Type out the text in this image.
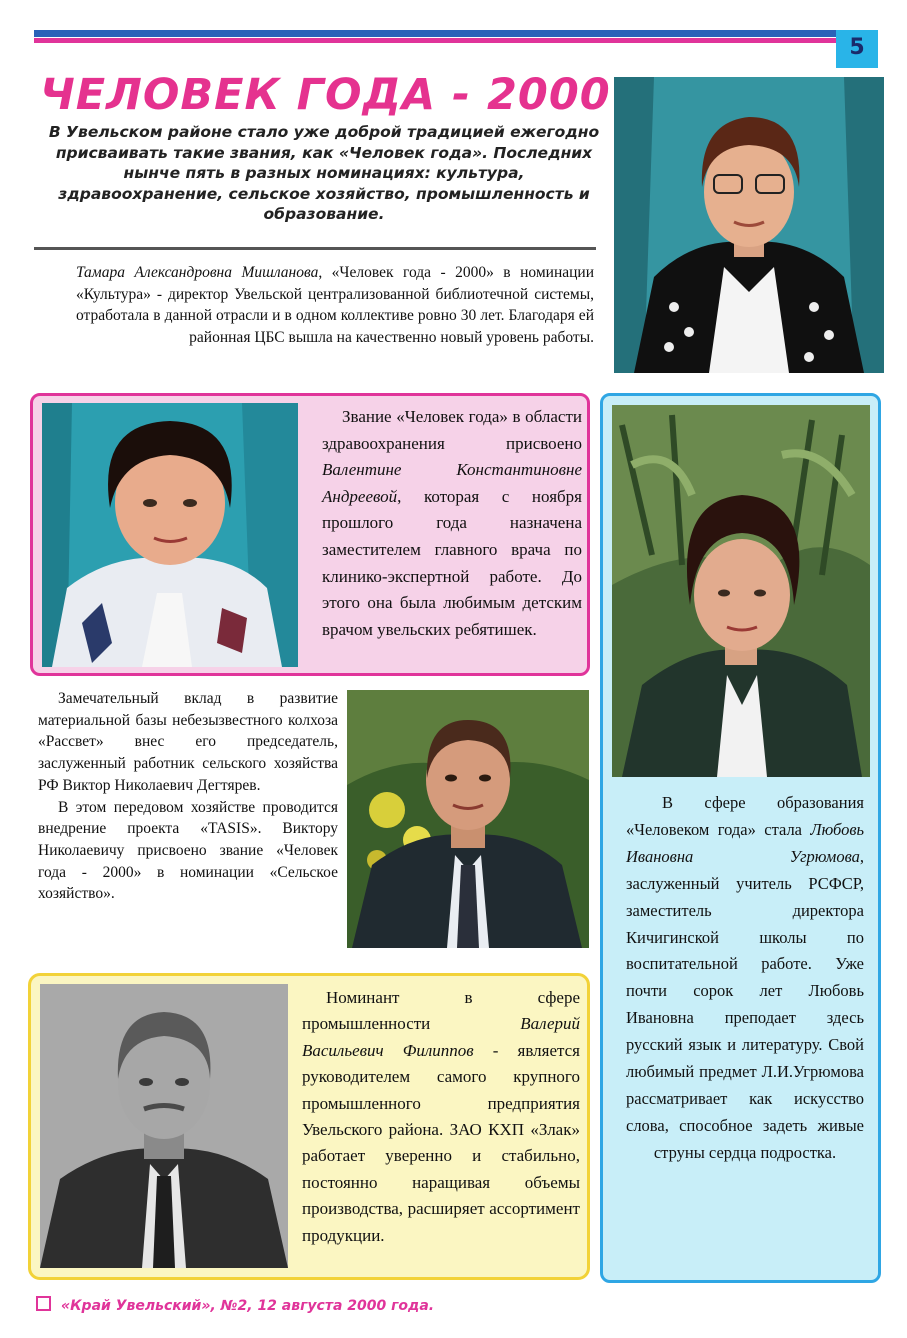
5
ЧЕЛОВЕК ГОДА - 2000
В Увельском районе стало уже доброй традицией ежегодно присваивать такие звания, как «Человек года». Последних нынче пять в разных номинациях: культура, здравоохранение, сельское хозяйство, промышленность и образование.
Тамара Александровна Мишланова, «Человек года - 2000» в номинации «Культура» - директор Увельской централизованной библиотечной системы, отработала в данной отрасли и в одном коллективе ровно 30 лет. Благодаря ей районная ЦБС вышла на качественно новый уровень работы.
Звание «Человек года» в области здравоохранения присвоено Валентине Константиновне Андреевой, которая с ноября прошлого года назначена заместителем главного врача по клинико-экспертной работе. До этого она была любимым детским врачом увельских ребятишек.
В сфере образования «Человеком года» стала Любовь Ивановна Угрюмова, заслуженный учитель РСФСР, заместитель директора Кичигинской школы по воспитательной работе. Уже почти сорок лет Любовь Ивановна преподает здесь русский язык и литературу. Свой любимый предмет Л.И.Угрюмова рассматривает как искусство слова, способное задеть живые струны сердца подростка.

Замечательный вклад в развитие материальной базы небезызвестного колхоза «Рассвет» внес его председатель, заслуженный работник сельского хозяйства РФ Виктор Николаевич Дегтярев.

В этом передовом хозяйстве проводится внедрение проекта «TASIS». Виктору Николаевичу присвоено звание «Человек года - 2000» в номинации «Сельское хозяйство».

Номинант в сфере промышленности Валерий Васильевич Филиппов - является руководителем самого крупного промышленного предприятия Увельского района. ЗАО КХП «Злак» работает уверенно и стабильно, постоянно наращивая объемы производства, расширяет ассортимент продукции.
«Край Увельский», №2, 12 августа 2000 года.
